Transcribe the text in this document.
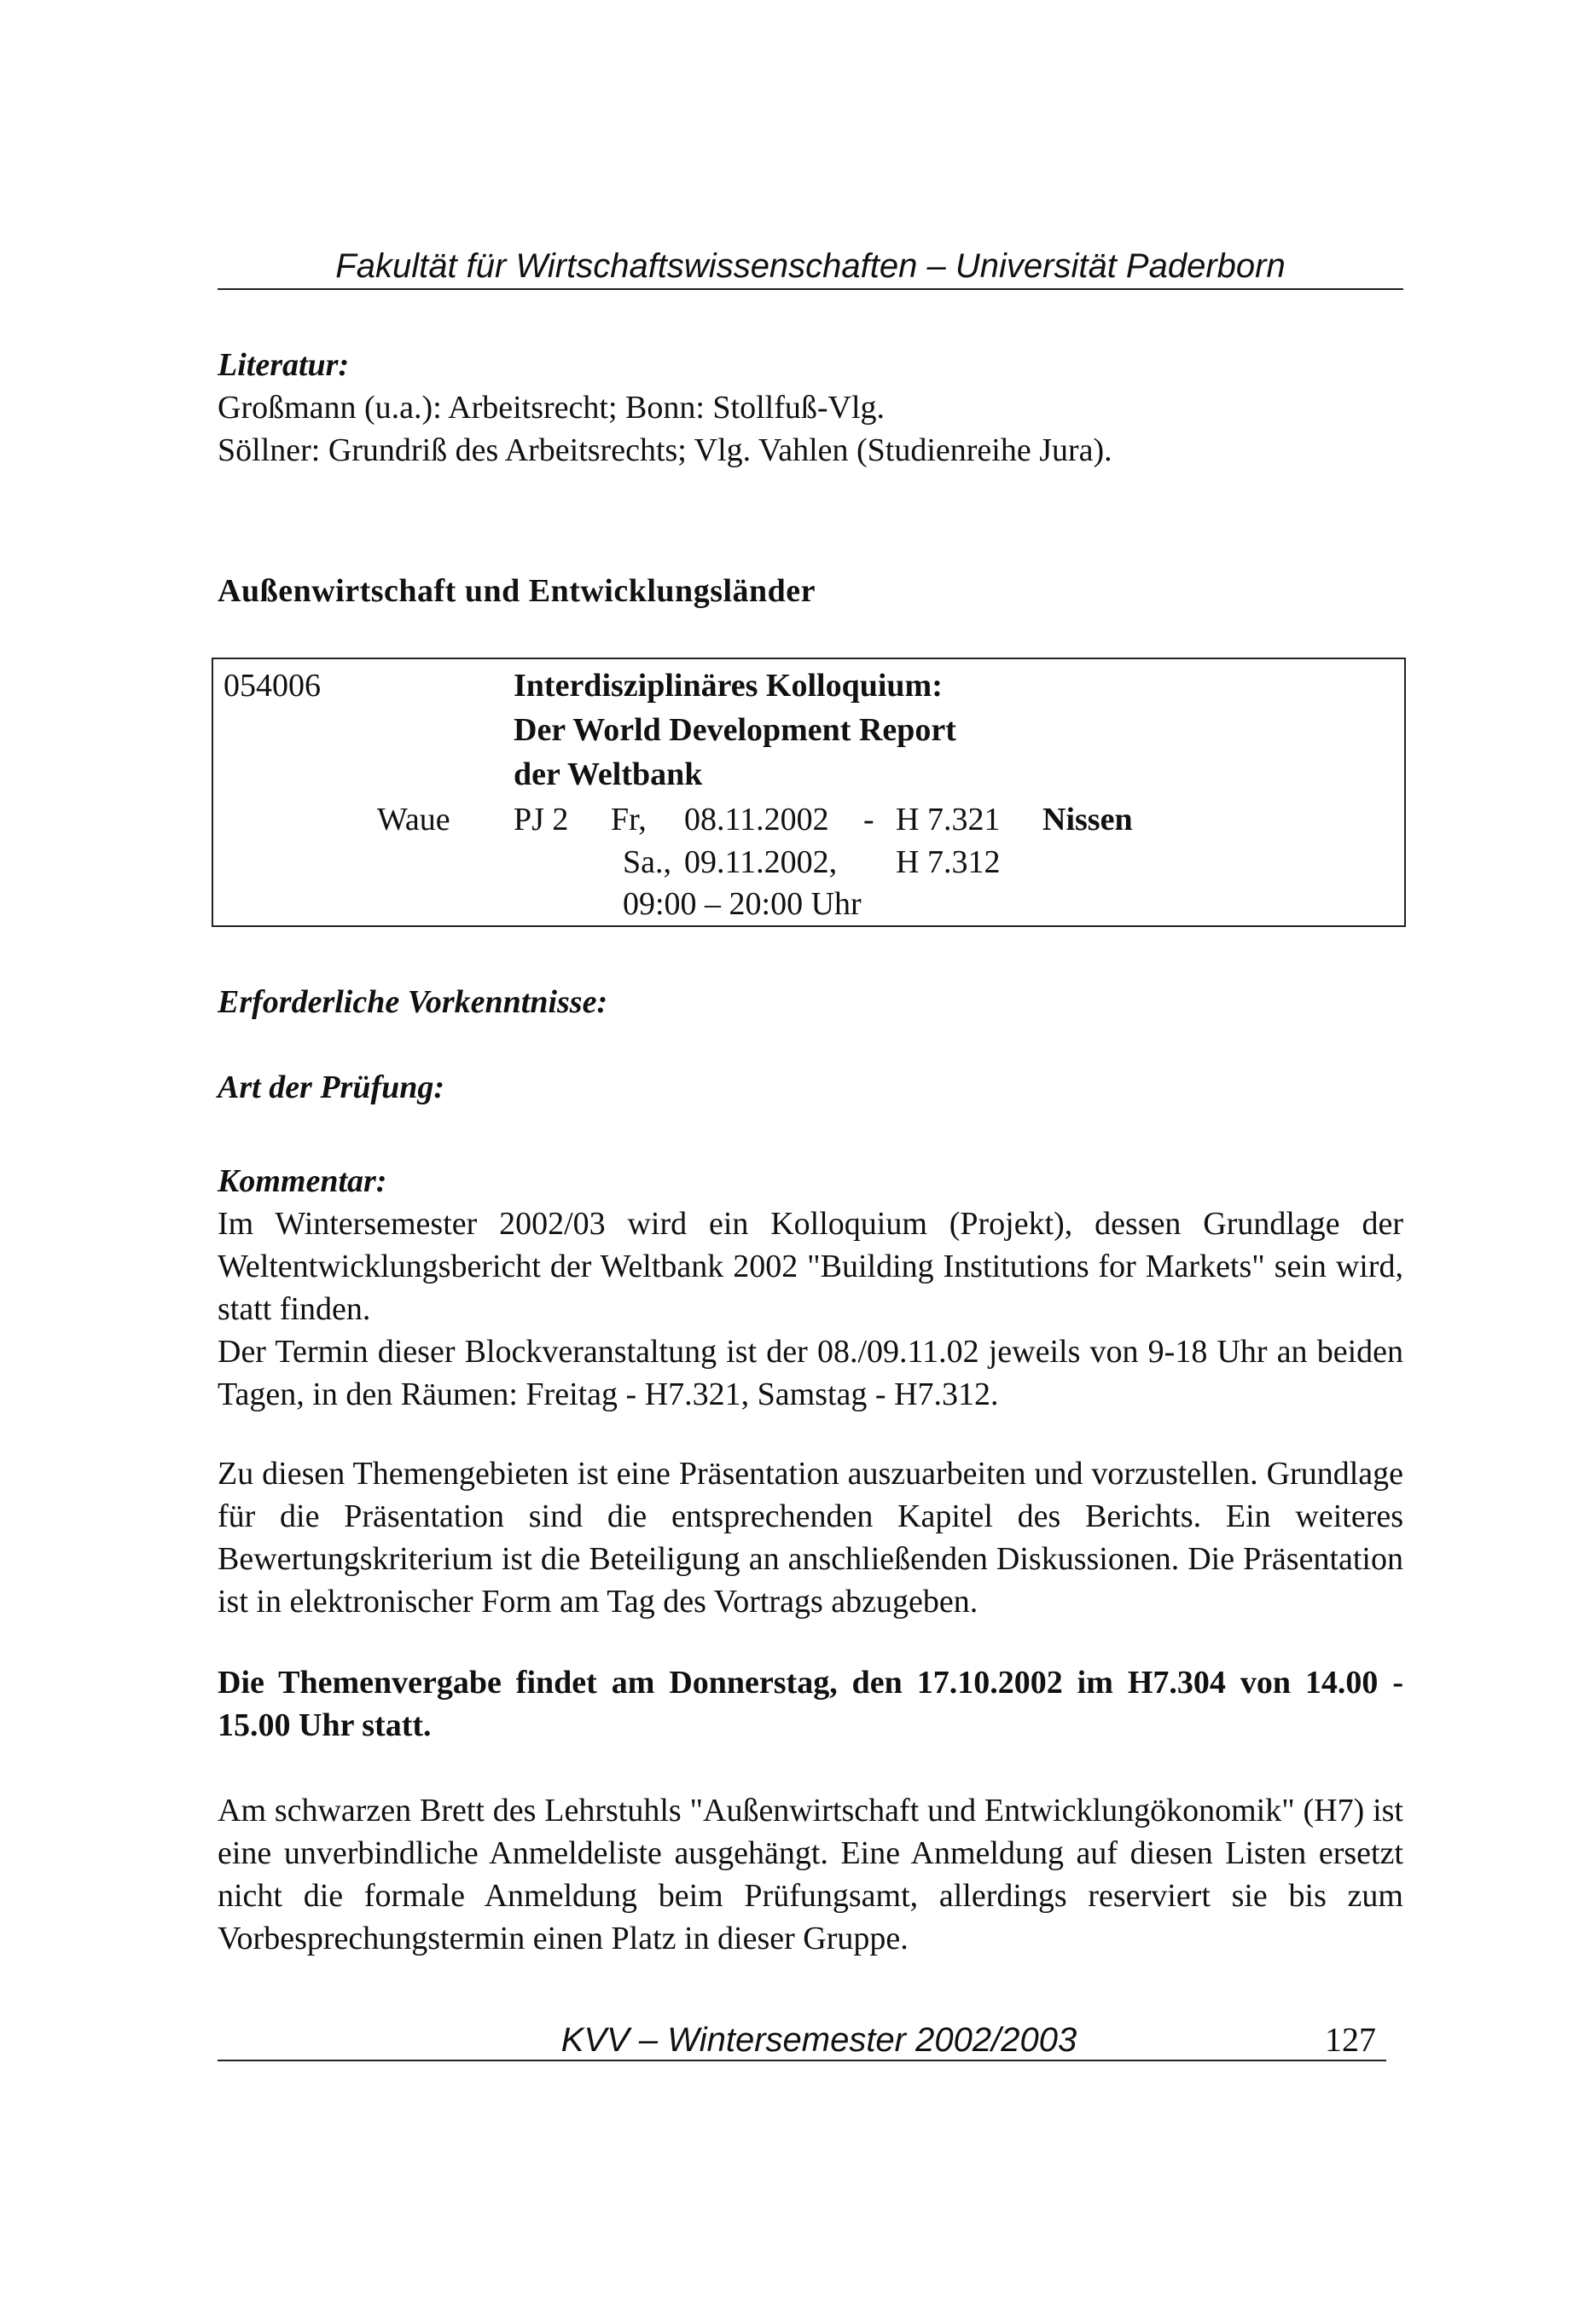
Fakultät für Wirtschaftswissenschaften – Universität Paderborn
Literatur:
Großmann (u.a.): Arbeitsrecht; Bonn: Stollfuß-Vlg.
Söllner: Grundriß des Arbeitsrechts; Vlg. Vahlen (Studienreihe Jura).
Außenwirtschaft und Entwicklungsländer
054006	Interdisziplinäres Kolloquium:
Der World Development Report
der Weltbank
Waue PJ 2 Fr, 08.11.2002 - H 7.321 Nissen
Sa., 09.11.2002, H 7.312
09:00 – 20:00 Uhr
Erforderliche Vorkenntnisse:
Art der Prüfung:
Kommentar:
Im Wintersemester 2002/03 wird ein Kolloquium (Projekt), dessen Grundlage der Weltentwicklungsbericht der Weltbank 2002 "Building Institutions for Markets" sein wird, statt finden.
Der Termin dieser Blockveranstaltung ist der 08./09.11.02 jeweils von 9-18 Uhr an beiden Tagen, in den Räumen: Freitag - H7.321, Samstag - H7.312.
Zu diesen Themengebieten ist eine Präsentation auszuarbeiten und vorzustellen. Grundlage für die Präsentation sind die entsprechenden Kapitel des Berichts. Ein weiteres Bewertungskriterium ist die Beteiligung an anschließenden Diskussionen. Die Präsentation ist in elektronischer Form am Tag des Vortrags abzugeben.
Die Themenvergabe findet am Donnerstag, den 17.10.2002 im H7.304 von 14.00 - 15.00 Uhr statt.
Am schwarzen Brett des Lehrstuhls "Außenwirtschaft und Entwicklungökonomik" (H7) ist eine unverbindliche Anmeldeliste ausgehängt. Eine Anmeldung auf diesen Listen ersetzt nicht die formale Anmeldung beim Prüfungsamt, allerdings reserviert sie bis zum Vorbesprechungstermin einen Platz in dieser Gruppe.
KVV – Wintersemester 2002/2003	127
